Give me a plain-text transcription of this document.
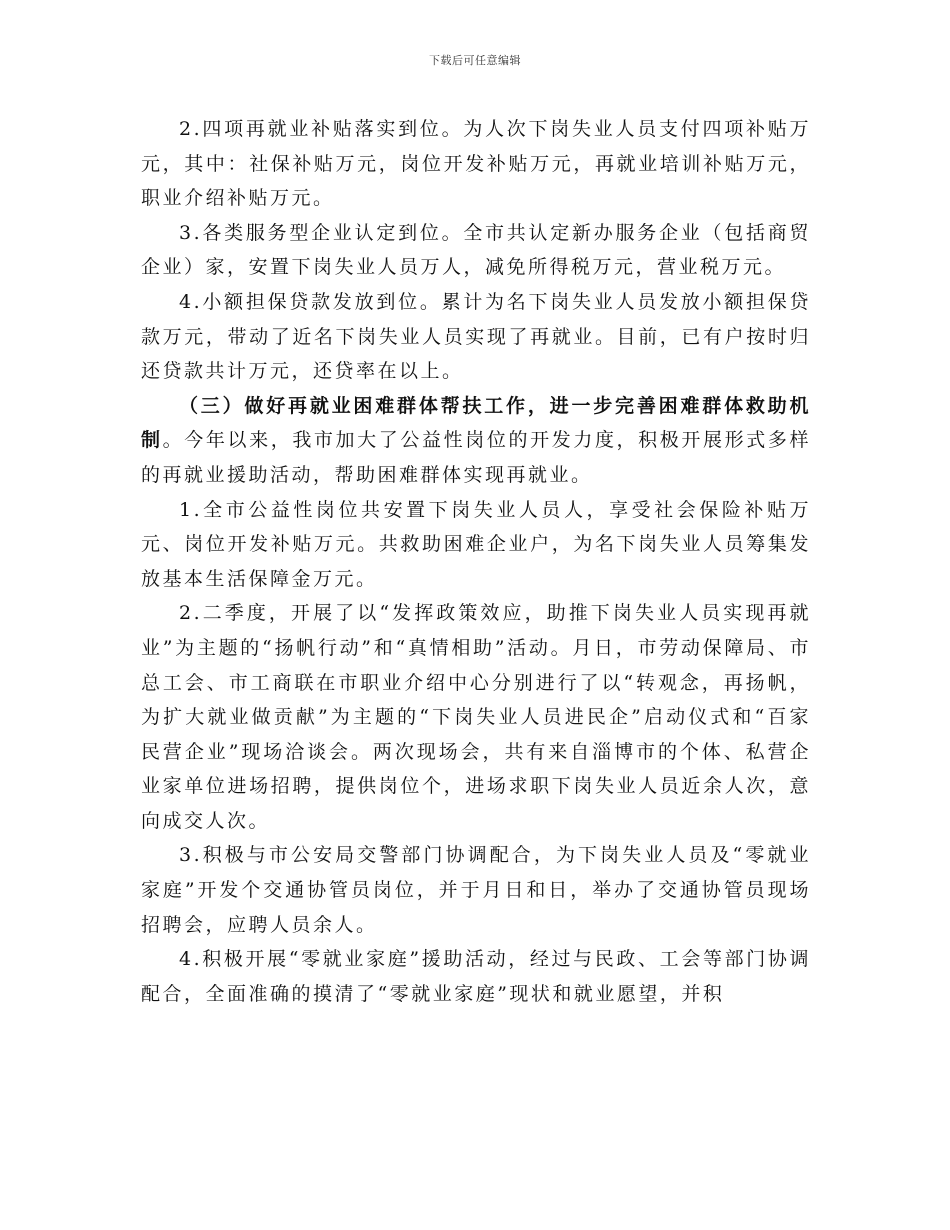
下载后可任意编辑

2.四项再就业补贴落实到位。为人次下岗失业人员支付四项补贴万元，其中：社保补贴万元，岗位开发补贴万元，再就业培训补贴万元，职业介绍补贴万元。

3.各类服务型企业认定到位。全市共认定新办服务企业（包括商贸企业）家，安置下岗失业人员万人，减免所得税万元，营业税万元。

4.小额担保贷款发放到位。累计为名下岗失业人员发放小额担保贷款万元，带动了近名下岗失业人员实现了再就业。目前，已有户按时归还贷款共计万元，还贷率在以上。

（三）做好再就业困难群体帮扶工作，进一步完善困难群体救助机制。今年以来，我市加大了公益性岗位的开发力度，积极开展形式多样的再就业援助活动，帮助困难群体实现再就业。

1.全市公益性岗位共安置下岗失业人员人，享受社会保险补贴万元、岗位开发补贴万元。共救助困难企业户，为名下岗失业人员筹集发放基本生活保障金万元。

2.二季度，开展了以“发挥政策效应，助推下岗失业人员实现再就业”为主题的“扬帆行动”和“真情相助”活动。月日，市劳动保障局、市总工会、市工商联在市职业介绍中心分别进行了以“转观念，再扬帆，为扩大就业做贡献”为主题的“下岗失业人员进民企”启动仪式和“百家民营企业”现场洽谈会。两次现场会，共有来自淄博市的个体、私营企业家单位进场招聘，提供岗位个，进场求职下岗失业人员近余人次，意向成交人次。

3.积极与市公安局交警部门协调配合，为下岗失业人员及“零就业家庭”开发个交通协管员岗位，并于月日和日，举办了交通协管员现场招聘会，应聘人员余人。

4.积极开展“零就业家庭”援助活动，经过与民政、工会等部门协调配合，全面准确的摸清了“零就业家庭”现状和就业愿望，并积
